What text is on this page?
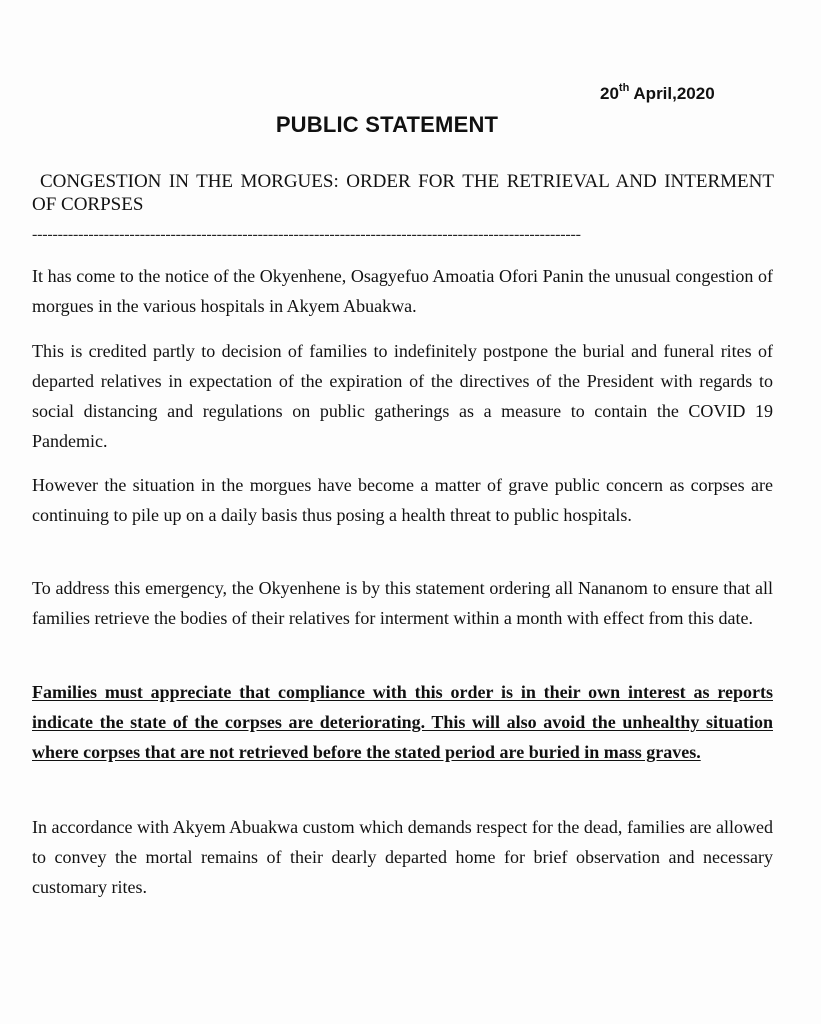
20th April,2020
PUBLIC STATEMENT
CONGESTION IN THE MORGUES: ORDER FOR THE RETRIEVAL AND INTERMENT OF CORPSES
-----------------------------------------------------------------------------------------------------------
It has come to the notice of the Okyenhene, Osagyefuo Amoatia Ofori Panin the unusual congestion of morgues in the various hospitals in Akyem Abuakwa.
This is credited partly to decision of families to indefinitely postpone the burial and funeral rites of departed relatives in expectation of the expiration of the directives of the President with regards to social distancing and regulations on public gatherings as a measure to contain the COVID 19 Pandemic.
However the situation in the morgues have become a matter of grave public concern as corpses are continuing to pile up on a daily basis thus posing a health threat to public hospitals.
To address this emergency, the Okyenhene is by this statement ordering all Nananom to ensure that all families retrieve the bodies of their relatives for interment within a month with effect from this date.
Families must appreciate that compliance with this order is in their own interest as reports indicate the state of the corpses are deteriorating. This will also avoid the unhealthy situation where corpses that are not retrieved before the stated period are buried in mass graves.
In accordance with Akyem Abuakwa custom which demands respect for the dead, families are allowed to convey the mortal remains of their dearly departed home for brief observation and necessary customary rites.
